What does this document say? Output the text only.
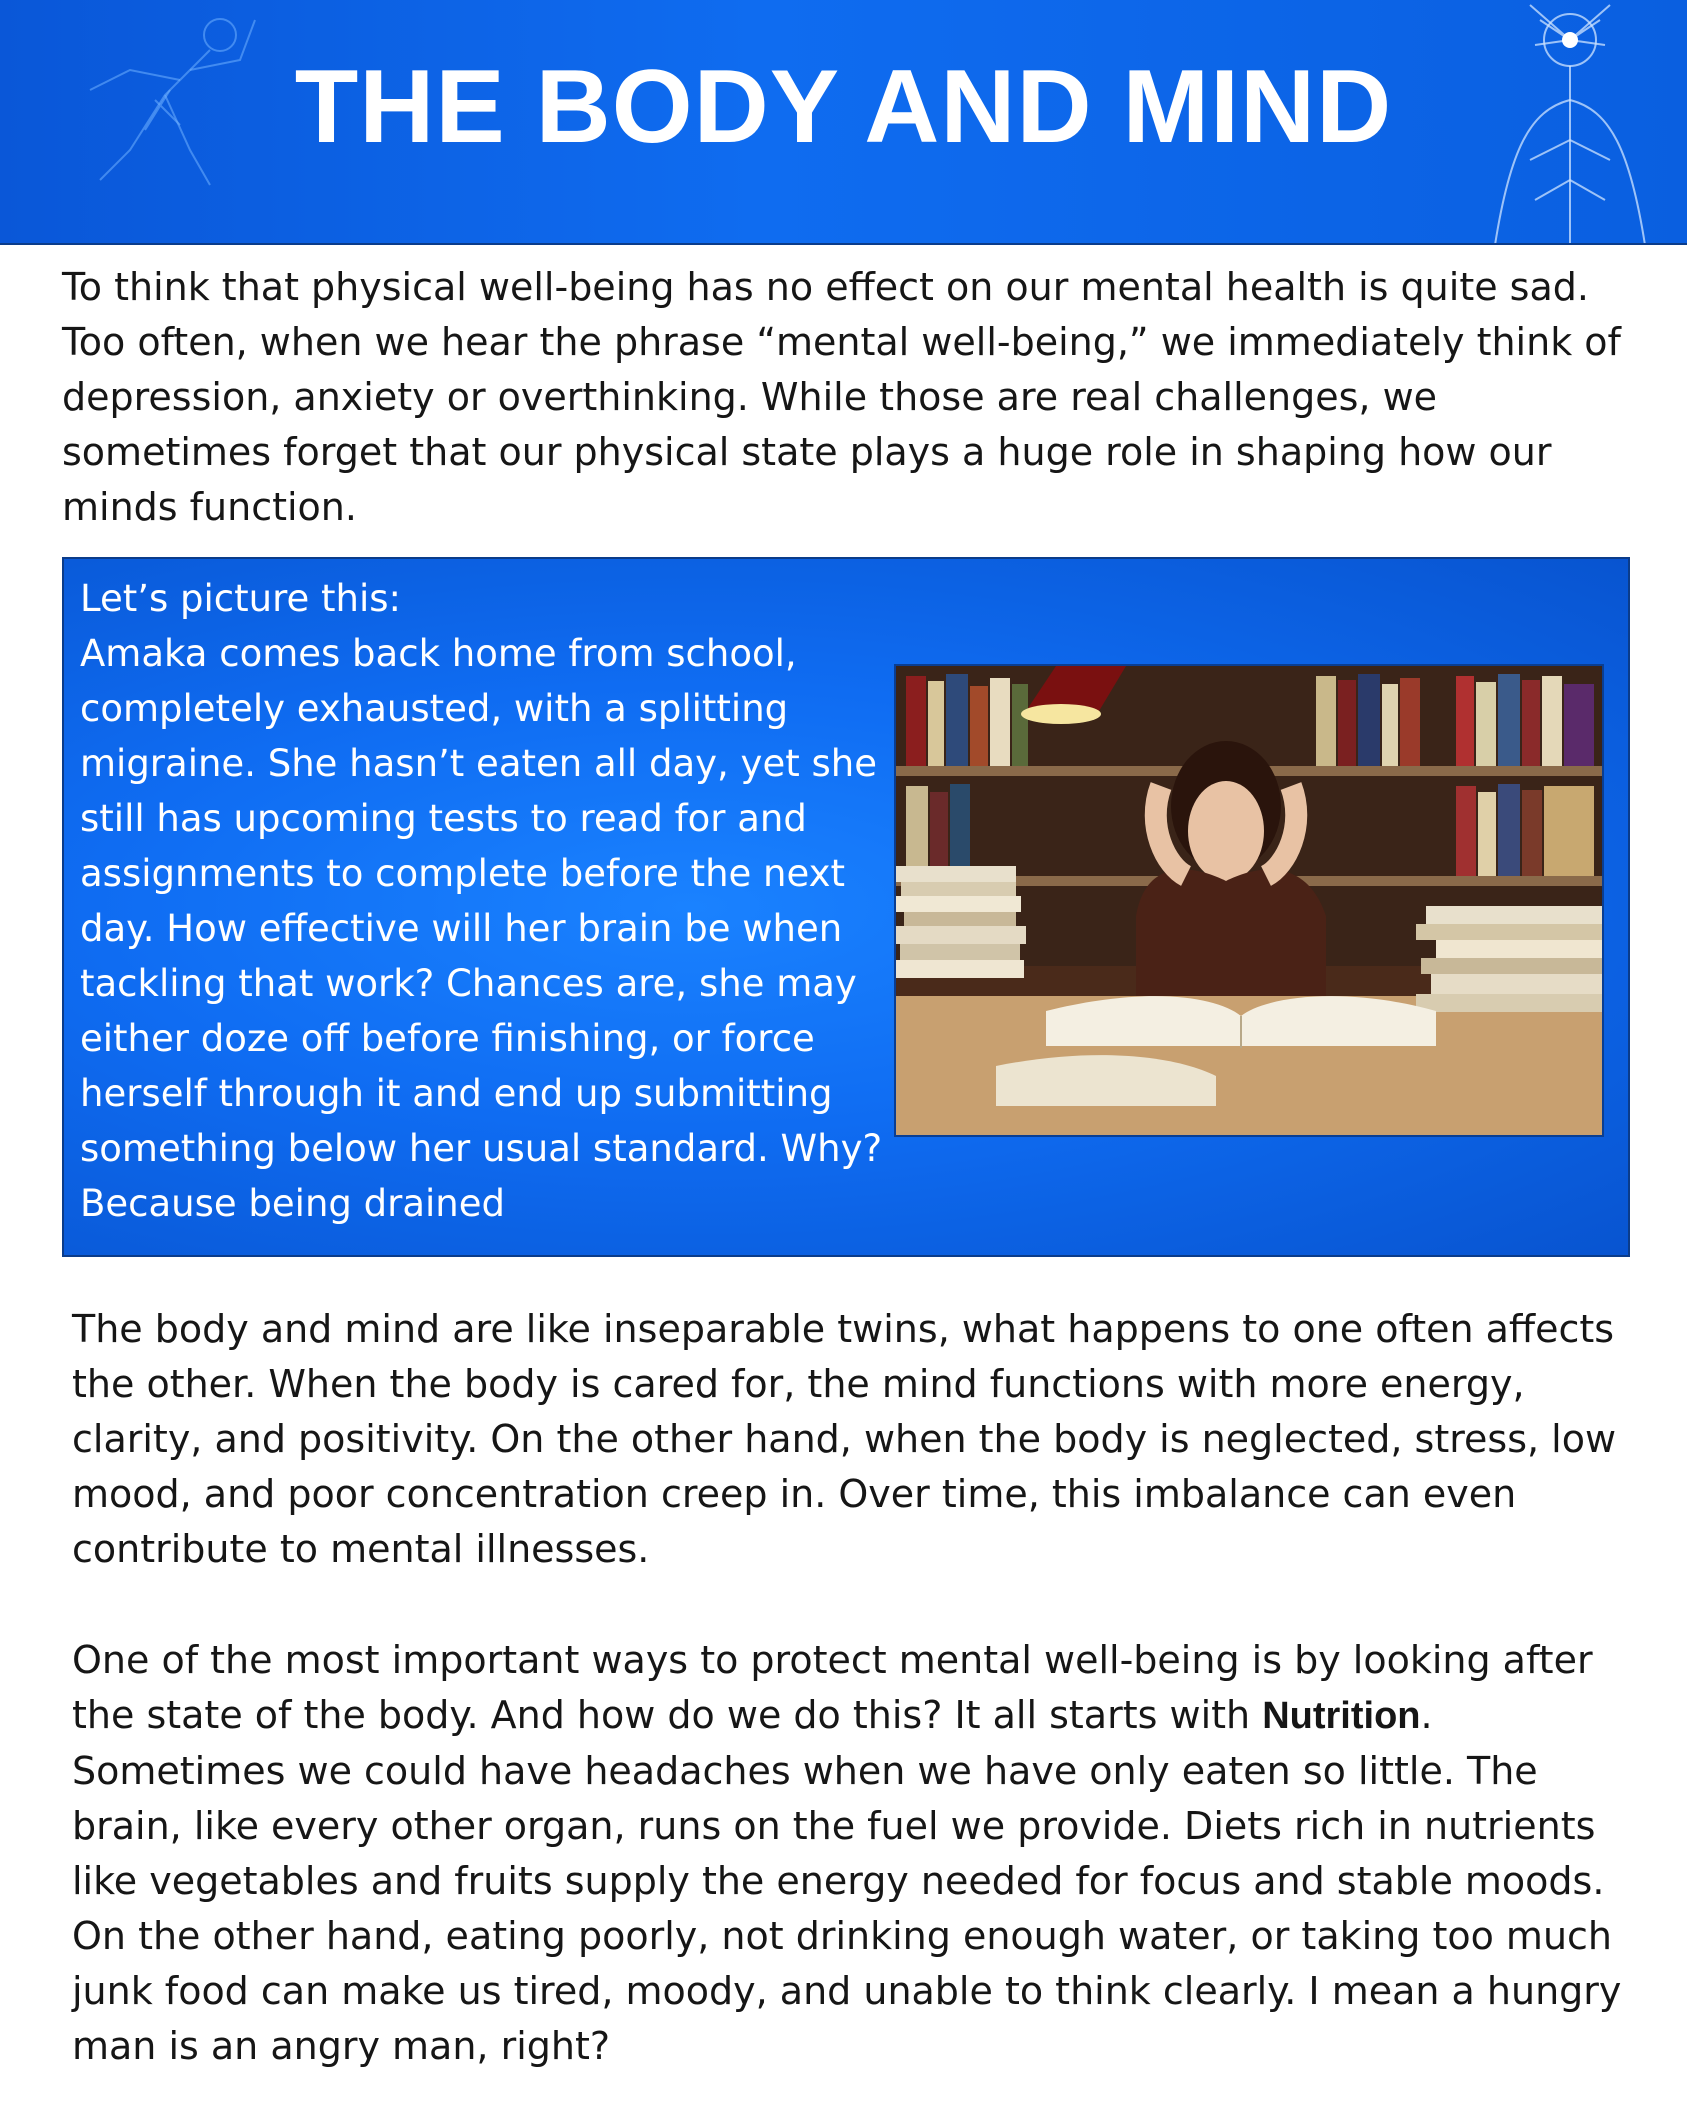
THE BODY AND MIND

To think that physical well-being has no effect on our mental health is quite sad. Too often, when we hear the phrase “mental well-being,” we immediately think of depression, anxiety or overthinking. While those are real challenges, we sometimes forget that our physical state plays a huge role in shaping how our minds function.

Let’s picture this:
Amaka comes back home from school, completely exhausted, with a splitting migraine. She hasn’t eaten all day, yet she still has upcoming tests to read for and assignments to complete before the next day. How effective will her brain be when tackling that work? Chances are, she may either doze off before finishing, or force herself through it and end up submitting something below her usual standard. Why? Because being drained

The body and mind are like inseparable twins, what happens to one often affects the other. When the body is cared for, the mind functions with more energy, clarity, and positivity. On the other hand, when the body is neglected, stress, low mood, and poor concentration creep in. Over time, this imbalance can even contribute to mental illnesses.

One of the most important ways to protect mental well-being is by looking after the state of the body. And how do we do this? It all starts with Nutrition. Sometimes we could have headaches when we have only eaten so little. The brain, like every other organ, runs on the fuel we provide. Diets rich in nutrients like vegetables and fruits supply the energy needed for focus and stable moods. On the other hand, eating poorly, not drinking enough water, or taking too much junk food can make us tired, moody, and unable to think clearly. I mean a hungry man is an angry man, right?
